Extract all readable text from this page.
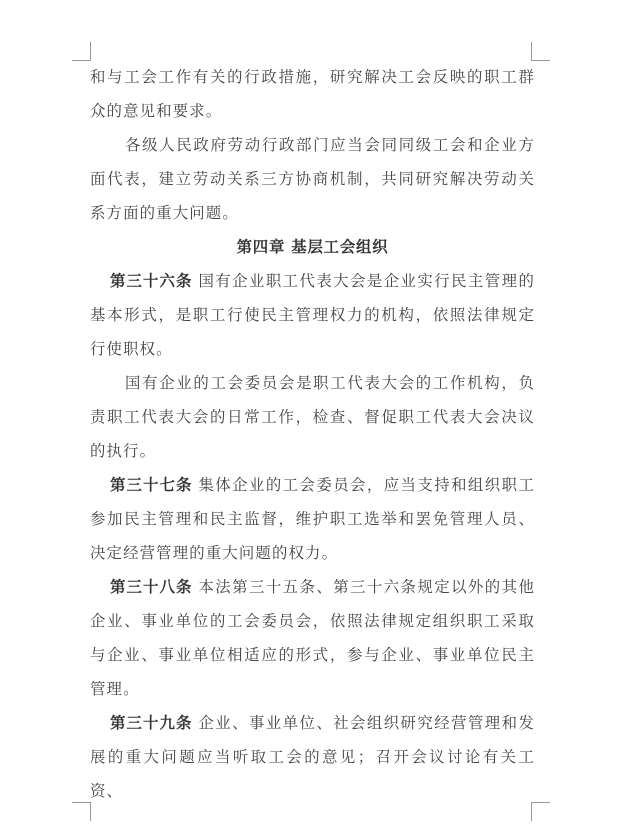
和与工会工作有关的行政措施，研究解决工会反映的职工群众的意见和要求。

各级人民政府劳动行政部门应当会同同级工会和企业方面代表，建立劳动关系三方协商机制，共同研究解决劳动关系方面的重大问题。

第四章 基层工会组织

第三十六条 国有企业职工代表大会是企业实行民主管理的基本形式，是职工行使民主管理权力的机构，依照法律规定行使职权。

国有企业的工会委员会是职工代表大会的工作机构，负责职工代表大会的日常工作，检查、督促职工代表大会决议的执行。

第三十七条 集体企业的工会委员会，应当支持和组织职工参加民主管理和民主监督，维护职工选举和罢免管理人员、决定经营管理的重大问题的权力。

第三十八条 本法第三十五条、第三十六条规定以外的其他企业、事业单位的工会委员会，依照法律规定组织职工采取与企业、事业单位相适应的形式，参与企业、事业单位民主管理。

第三十九条 企业、事业单位、社会组织研究经营管理和发展的重大问题应当听取工会的意见；召开会议讨论有关工资、
